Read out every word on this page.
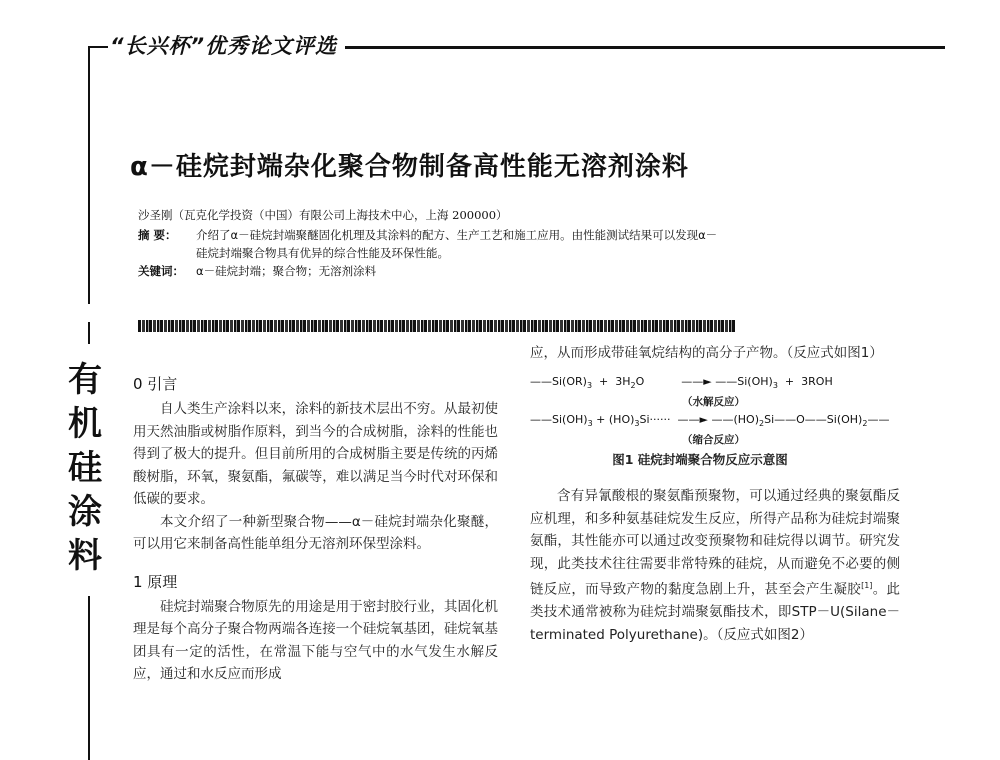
“长兴杯”优秀论文评选
α－硅烷封端杂化聚合物制备高性能无溶剂涂料
沙圣刚（瓦克化学投资（中国）有限公司上海技术中心，上海 200000）
摘 要：	介绍了α－硅烷封端聚醚固化机理及其涂料的配方、生产工艺和施工应用。由性能测试结果可以发现α－
硅烷封端聚合物具有优异的综合性能及环保性能。
关键词：	α－硅烷封端；聚合物；无溶剂涂料
有
机
硅
涂
料
0 引言

自人类生产涂料以来，涂料的新技术层出不穷。从最初使用天然油脂或树脂作原料，到当今的合成树脂，涂料的性能也得到了极大的提升。但目前所用的合成树脂主要是传统的丙烯酸树脂，环氧，聚氨酯，氟碳等，难以满足当今时代对环保和低碳的要求。

本文介绍了一种新型聚合物——α－硅烷封端杂化聚醚，可以用它来制备高性能单组分无溶剂环保型涂料。

1 原理

硅烷封端聚合物原先的用途是用于密封胶行业，其固化机理是每个高分子聚合物两端各连接一个硅烷氧基团，硅烷氧基团具有一定的活性，在常温下能与空气中的水气发生水解反应，通过和水反应而形成

应，从而形成带硅氧烷结构的高分子产物。（反应式如图1）

$——Si(OR)_3 + 3H_2O$	——► $——Si(OH)_3 + 3ROH$
（水解反应）
$——Si(OH)_3 + (HO)_3Si\cdot\cdot\cdot\cdot\cdot\cdot$ ——► $——(HO)_2Si——O——Si(OH)_2——$
（缩合反应）
图1 硅烷封端聚合物反应示意图

含有异氰酸根的聚氨酯预聚物，可以通过经典的聚氨酯反应机理，和多种氨基硅烷发生反应，所得产品称为硅烷封端聚氨酯，其性能亦可以通过改变预聚物和硅烷得以调节。研究发现，此类技术往往需要非常特殊的硅烷，从而避免不必要的侧链反应，而导致产物的黏度急剧上升，甚至会产生凝胶[1]。此类技术通常被称为硅烷封端聚氨酯技术，即STP－U(Silane－terminated Polyurethane)。（反应式如图2）
